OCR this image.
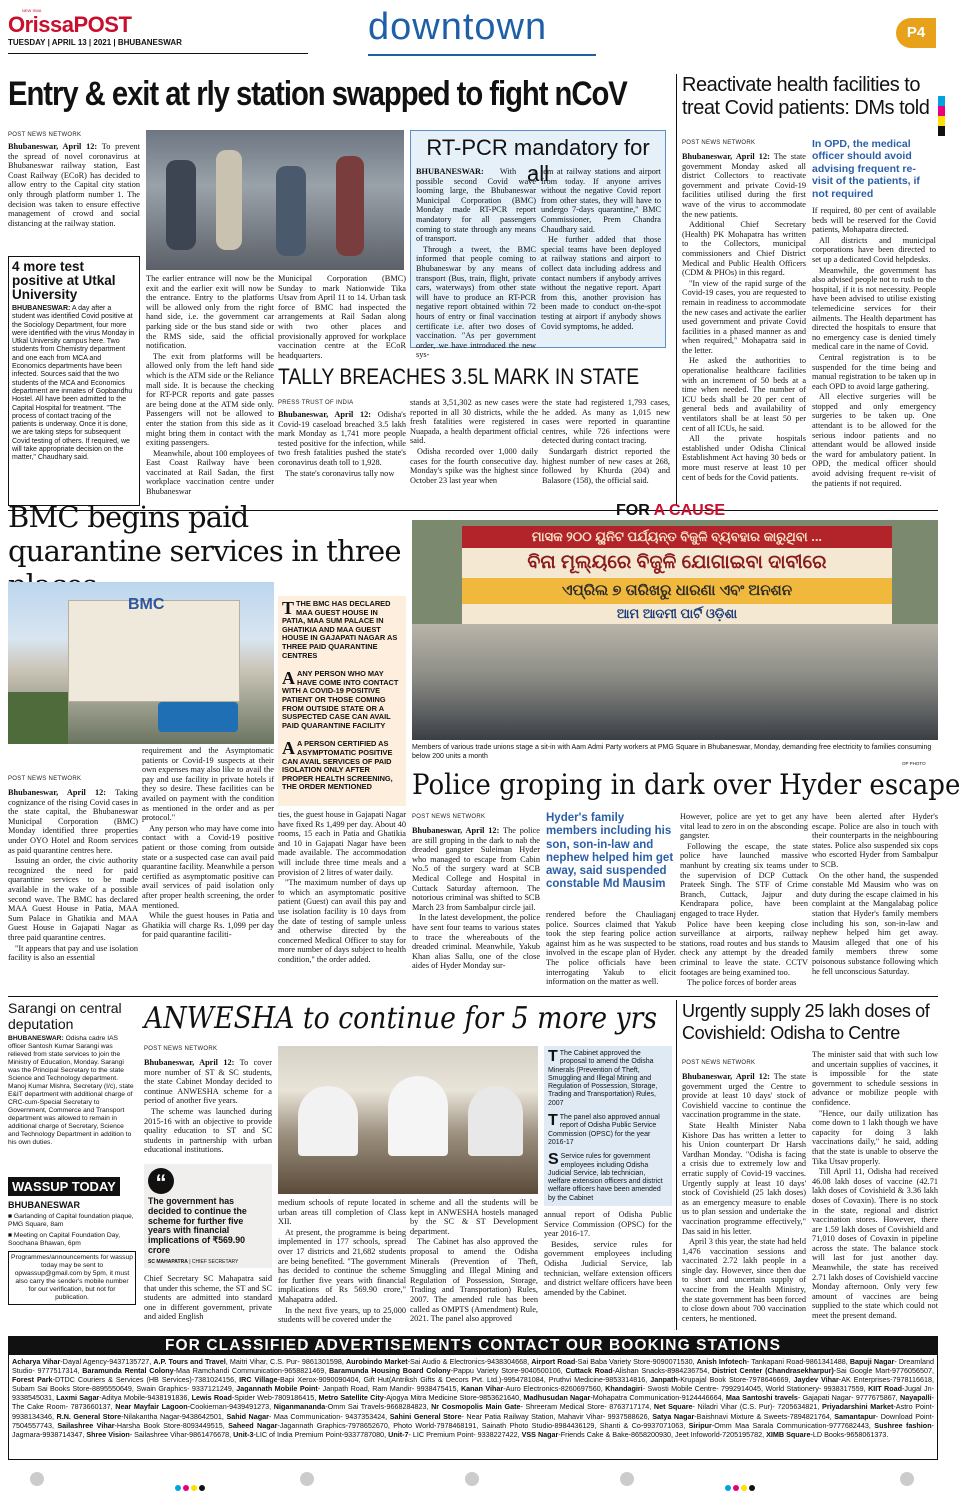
NEW SWA
OrissaPOST
TUESDAY | APRIL 13 | 2021 | BHUBANESWAR	downtown	P4
Entry & exit at rly station swapped to fight nCoV
POST NEWS NETWORK

Bhubaneswar, April 12: To prevent the spread of novel coronavirus at Bhubaneswar railway station, East Coast Railway (ECoR) has decided to allow entry to the Capital city station only through platform number 1. The decision was taken to ensure effective management of crowd and social distancing at the railway station.

4 more test positive at Utkal University
BHUBANESWAR: A day after a student was identified Covid positive at the Sociology Department, four more were identified with the virus Monday in Utkal University campus here. Two students from Chemistry department and one each from MCA and Economics departments have been infected. Sources said that the two students of the MCA and Economics department are inmates of Gopbandhu Hostel. All have been admitted to the Capital Hospital for treatment. "The process of contact tracing of the patients is underway. Once it is done, we are taking steps for subsequent Covid testing of others. If required, we will take appropriate decision on the matter," Chaudhary said.

The earlier entrance will now be the exit and the earlier exit will now be the entrance. Entry to the platforms will be allowed only from the right hand side, i.e. the government car parking side or the bus stand side or the RMS side, said the official notification.

The exit from platforms will be allowed only from the left hand side which is the ATM side or the Reliance mall side. It is because the checking for RT-PCR reports and gate passes are being done at the ATM side only. Passengers will not be allowed to enter the station from this side as it might bring them in contact with the exiting passengers.

Meanwhile, about 100 employees of East Coast Railway have been vaccinated at Rail Sadan, the first workplace vaccination centre under Bhubaneswar

Municipal Corporation (BMC) Sunday to mark Nationwide Tika Utsav from April 11 to 14. Urban task force of BMC had inspected the arrangements at Rail Sadan along with two other places and provisionally approved for workplace vaccination centre at the ECoR headquarters.

RT-PCR mandatory for all

BHUBANESWAR: With a possible second Covid wave looming large, the Bhubaneswar Municipal Corporation (BMC) Monday made RT-PCR report mandatory for all passengers coming to state through any means of transport.

Through a tweet, the BMC informed that people coming to Bhubaneswar by any means of transport (Bus, train, flight, private cars, waterways) from other state will have to produce an RT-PCR negative report obtained within 72 hours of entry or final vaccination certificate i.e. after two doses of vaccination. "As per government order, we have introduced the new sys-

tem at railway stations and airport from today. If anyone arrives without the negative Covid report from other states, they will have to undergo 7-days quarantine," BMC Commissioner, Prem Chandra Chaudhary said.

He further added that those special teams have been deployed at railway stations and airport to collect data including address and contact numbers if anybody arrives without the negative report. Apart from this, another provision has been made to conduct on-the-spot testing at airport if anybody shows Covid symptoms, he added.

TALLY BREACHES 3.5L MARK IN STATE
PRESS TRUST OF INDIA

Bhubaneswar, April 12: Odisha's Covid-19 caseload breached 3.5 lakh mark Monday as 1,741 more people tested positive for the infection, while two fresh fatalities pushed the state's coronavirus death toll to 1,928.

The state's coronavirus tally now

stands at 3,51,302 as new cases were reported in all 30 districts, while the fresh fatalities were registered in Nuapada, a health department official said.

Odisha recorded over 1,000 daily cases for the fourth consecutive day. Monday's spike was the highest since October 23 last year when

the state had registered 1,793 cases, he added. As many as 1,015 new cases were reported in quarantine centres, while 726 infections were detected during contact tracing.

Sundargarh district reported the highest number of new cases at 268, followed by Khurda (204) and Balasore (158), the official said.

Reactivate health facilities to treat Covid patients: DMs told
POST NEWS NETWORK

Bhubaneswar, April 12: The state government Monday asked all district Collectors to reactivate government and private Covid-19 facilities utilised during the first wave of the virus to accommodate the new patients.

Additional Chief Secretary (Health) PK Mohapatra has written to the Collectors, municipal commissioners and Chief District Medical and Public Health Officers (CDM & PHOs) in this regard.

"In view of the rapid surge of the Covid-19 cases, you are requested to remain in readiness to accommodate the new cases and activate the earlier used government and private Covid facilities in a phased manner as and when required," Mohapatra said in the letter.

He asked the authorities to operationalise healthcare facilities with an increment of 50 beds at a time when needed. The number of ICU beds shall be 20 per cent of general beds and availability of ventilators shall be at least 50 per cent of all ICUs, he said.

All the private hospitals established under Odisha Clinical Establishment Act having 30 beds or more must reserve at least 10 per cent of beds for the Covid patients.

In OPD, the medical officer should avoid advising frequent re-visit of the patients, if not required

If required, 80 per cent of available beds will be reserved for the Covid patients, Mohapatra directed.

All districts and municipal corporations have been directed to set up a dedicated Covid helpdesks.

Meanwhile, the government has also advised people not to rush to the hospital, if it is not necessity. People have been advised to utilise existing telemedicine services for their ailments. The Health department has directed the hospitals to ensure that no emergency case is denied timely medical care in the name of Covid.

Central registration is to be suspended for the time being and manual registration to be taken up in each OPD to avoid large gathering.

All elective surgeries will be stopped and only emergency surgeries to be taken up. One attendant is to be allowed for the serious indoor patients and no attendant would be allowed inside the ward for ambulatory patient. In OPD, the medical officer should avoid advising frequent re-visit of the patients if not required.

BMC begins paid quarantine services in three
BMC	T THE BMC HAS DECLARED MAA GUEST HOUSE IN PATIA, MAA SUM PALACE IN GHATIKIA AND MAA GUEST HOUSE IN GAJAPATI NAGAR AS THREE PAID QUARANTINE CENTRES
A ANY PERSON WHO MAY HAVE COME INTO CONTACT WITH A COVID-19 POSITIVE PATIENT OR THOSE COMING FROM OUTSIDE STATE OR A SUSPECTED CASE CAN AVAIL PAID QUARANTINE FACILITY
A A PERSON CERTIFIED AS ASYMPTOMATIC POSITIVE CAN AVAIL SERVICES OF PAID ISOLATION ONLY AFTER PROPER HEALTH SCREENING, THE ORDER MENTIONED
POST NEWS NETWORK

Bhubaneswar, April 12: Taking cognizance of the rising Covid cases in the state capital, the Bhubaneswar Municipal Corporation (BMC) Monday identified three properties under OYO Hotel and Room services as paid quarantine centres here.

Issuing an order, the civic authority recognized the need for paid quarantine services to be made available in the wake of a possible second wave. The BMC has declared MAA Guest House in Patia, MAA Sum Palace in Ghatikia and MAA Guest House in Gajapati Nagar as three paid quarantine centres.

"It appears that pay and use isolation facility is also an essential

requirement and the Asymptomatic patients or Covid-19 suspects at their own expenses may also like to avail the pay and use facility in private hotels if they so desire. These facilities can be availed on payment with the condition as mentioned in the order and as per protocol."

Any person who may have come into contact with a Covid-19 positive patient or those coming from outside state or a suspected case can avail paid quarantine facility. Meanwhile a person certified as asymptomatic positive can avail services of paid isolation only after proper health screening, the order mentioned.

While the guest houses in Patia and Ghatikia will charge Rs. 1,099 per day for paid quarantine faciliti-

ties, the guest house in Gajapati Nagar have fixed Rs 1,499 per day. About 40 rooms, 15 each in Patia and Ghatikia and 10 in Gajapati Nagar have been made available. The accommodation will include three time meals and a provision of 2 litres of water daily.

"The maximum number of days up to which an asymptomatic positive patient (Guest) can avail this pay and use isolation facility is 10 days from the date of testing of sample unless and otherwise directed by the concerned Medical Officer to stay for more number of days subject to health condition," the order added.

FOR A CAUSE
ମାସକ ୨୦୦ ୟୁନିଟ ପର୍ଯ୍ୟନ୍ତ ବିଜୁଳି ବ୍ୟବହାର କାରୁଥିବା ...
ବିନା ମୂଲ୍ୟରେ ବିଜୁଳି ଯୋଗାଇବା ଦାବୀରେ
ଏପ୍ରିଲ ୭ ତାରିଖରୁ ଧାରଣା ଏବଂ ଅନଶନ
ଆମ ଆଦମୀ ପାର୍ଟି ଓଡ଼ିଶା
Members of various trade unions stage a sit-in with Aam Admi Party workers at PMG Square in Bhubaneswar, Monday, demanding free electricity to families consuming below 200 units a month
OP PHOTO
Police groping in dark over Hyder escape
POST NEWS NETWORK

Bhubaneswar, April 12: The police are still groping in the dark to nab the dreaded gangster Suleiman Hyder who managed to escape from Cabin No.5 of the surgery ward at SCB Medical College and Hospital in Cuttack Saturday afternoon. The notorious criminal was shifted to SCB March 23 from Sambalpur circle jail.

In the latest development, the police have sent four teams to various states to trace the whereabouts of the dreaded criminal. Meanwhile, Yakub Khan alias Sallu, one of the close aides of Hyder Monday sur-

Hyder's family members including his son, son-in-law and nephew helped him get away, said suspended constable Md Mausim

rendered before the Chauliaganj police. Sources claimed that Yakub took the step fearing police action against him as he was suspected to be involved in the escape plan of Hyder. The police officials have been interrogating Yakub to elicit information on the matter as well.

However, police are yet to get any vital lead to zero in on the absconding gangster.

Following the escape, the state police have launched massive manhunt by creating six teams under the supervision of DCP Cuttack Prateek Singh. The STF of Crime Branch, Cuttack, Jajpur and Kendrapara police, have been engaged to trace Hyder.

Police have been keeping close surveillance at airports, railway stations, road routes and bus stands to check any attempt by the dreaded criminal to leave the state. CCTV footages are being examined too.

The police forces of border areas

have been alerted after Hyder's escape. Police are also in touch with their counterparts in the neighbouring states. Police also suspended six cops who escorted Hyder from Sambalpur to SCB.

On the other hand, the suspended constable Md Mausim who was on duty during the escape claimed in his complaint at the Mangalabag police station that Hyder's family members including his son, son-in-law and nephew helped him get away. Mausim alleged that one of his family members threw some poisonous substance following which he fell unconscious Saturday.

Sarangi on central deputation
BHUBANESWAR: Odisha cadre IAS officer Santosh Kumar Sarangi was relieved from state services to join the Ministry of Education, Monday. Sarangi was the Principal Secretary to the state Science and Technology department. Manoj Kumar Mishra, Secretary (I/c), state E&IT department with additional charge of CRC-cum-Special Secretary to Government, Commerce and Transport department was allowed to remain in additional charge of Secretary, Science and Technology Department in addition to his own duties.
WASSUP TODAY
BHUBANESWAR
■ Garlanding of Capital foundation plaque, PMG Square, 8am
■ Meeting on Capital Foundation Day, Soochana Bhawan, 6pm
Programmes/announcements for wassup today may be sent to opwassup@gmail.com by 5pm, it must also carry the sender's mobile number for our verification, but not for publication.
ANWESHA to continue for 5 more yrs
POST NEWS NETWORK

Bhubaneswar, April 12: To cover more number of ST & SC students, the state Cabinet Monday decided to continue ANWESHA scheme for a period of another five years.

The scheme was launched during 2015-16 with an objective to provide quality education to ST and SC students in partnership with urban educational institutions.

“
The government has decided to continue the scheme for further five years with financial implications of ₹569.90 crore
SC MAHAPATRA | CHIEF SECRETARY

Chief Secretary SC Mahapatra said that under this scheme, the ST and SC students are admitted into standard one in different government, private and aided English

medium schools of repute located in urban areas till completion of Class XII.

At present, the programme is being implemented in 177 schools, spread over 17 districts and 21,682 students are being benefited. "The government has decided to continue the scheme for further five years with financial implications of Rs 569.90 crore," Mahapatra added.

In the next five years, up to 25,000 students will be covered under the

scheme and all the students will be kept in ANWESHA hostels managed by the SC & ST Development department.

The Cabinet has also approved the proposal to amend the Odisha Minerals (Prevention of Theft, Smuggling and Illegal Mining and Regulation of Possession, Storage, Trading and Transportation) Rules, 2007. The amended rule has been called as OMPTS (Amendment) Rule, 2021. The panel also approved

T The Cabinet approved the proposal to amend the Odisha Minerals (Prevention of Theft, Smuggling and Illegal Mining and Regulation of Possession, Storage, Trading and Transportation) Rules, 2007
T The panel also approved annual report of Odisha Public Service Commission (OPSC) for the year 2016-17
S Service rules for government employees including Odisha Judicial Service, lab technician, welfare extension officers and district welfare officers have been amended by the Cabinet

annual report of Odisha Public Service Commission (OPSC) for the year 2016-17.

Besides, service rules for government employees including Odisha Judicial Service, lab technician, welfare extension officers and district welfare officers have been amended by the Cabinet.

Urgently supply 25 lakh doses of Covishield: Odisha to Centre
POST NEWS NETWORK

Bhubaneswar, April 12: The state government urged the Centre to provide at least 10 days' stock of Covishield vaccine to continue the vaccination programme in the state.

State Health Minister Naba Kishore Das has written a letter to his Union counterpart Dr Harsh Vardhan Monday. "Odisha is facing a crisis due to extremely low and erratic supply of Covid-19 vaccines. Urgently supply at least 10 days' stock of Covishield (25 lakh doses) as an emergency measure to enable us to plan session and undertake the vaccination programme effectively," Das said in his letter.

April 3 this year, the state had held 1,476 vaccination sessions and vaccinated 2.72 lakh people in a single day. However, since then due to short and uncertain supply of vaccine from the Health Ministry, the state government has been forced to close down about 700 vaccination centers, he mentioned.

The minister said that with such low and uncertain supplies of vaccines, it is impossible for the state government to schedule sessions in advance or mobilize people with confidence.

"Hence, our daily utilization has come down to 1 lakh though we have capacity for doing 3 lakh vaccinations daily," he said, adding that the state is unable to observe the Tika Utsav properly.

Till April 11, Odisha had received 46.08 lakh doses of vaccine (42.71 lakh doses of Covishield & 3.36 lakh doses of Covaxin). There is no stock in the state, regional and district vaccination stores. However, there are 1.59 lakh doses of Covishield and 71,010 doses of Covaxin in pipeline across the state. The balance stock will last for just another day. Meanwhile, the state has received 2.71 lakh doses of Covishield vaccine Monday afternoon. Only very few amount of vaccines are being supplied to the state which could not meet the present demand.

FOR CLASSIFIED ADVERTISEMENTS CONTACT OUR BOOKING STATIONS
Acharya Vihar-Dayal Agency-9437135727, A.P. Tours and Travel, Maitri Vihar, C.S. Pur- 9861301598, Aurobindo Market-Sai Audio & Electronics-9438304668, Airport Road-Sai Baba Variety Store-9090071530, Anish Infotech- Tankapani Road-9861341488, Bapuji Nagar- Dreamland Studio- 9777517314, Baramunda Rental Colony-Maa Ramchandi Communication-9658821469, Baramunda Housing Board Colony-Pappu Variety Store-9040500106, Cuttack Road-Alishan Snacks-8984236754, District Center (Chandrasekharpur)-Sai Google Mart-9776056507, Forest Park-DTDC Couriers & Services (HB Services)-7381024156, IRC Village-Bapi Xerox-9090090404, Gift Hut(Antriksh Gifts & Decors Pvt. Ltd.)-9954781084, Pruthvi Medicine-9853314816, Janpath-Krupajal Book Store-7978646669, Jaydev Vihar-AK Enterprises-7978116618, Subam Sai Books Store-8895550649, Swain Graphics- 9337121249, Jagannath Mobile Point- Janpath Road, Ram Mandir- 9938475415, Kanan Vihar-Auro Electronics-8260697560, Khandagiri- Swosti Mobile Centre- 7992914045, World Stationery- 9938317559, KIIT Road-Jugal Jn-9338545031, Laxmi Sagar-Aditya Mobile-9438191836, Lewis Road-Spider Web-7809186415, Metro Satellite City-Ajogya Mitra Medicine Store-9853621640, Madhusudan Nagar-Mohapatra Communication-9124446664, Maa Santoshi travels- Gajapati Nagar- 9777675867, Nayapalli- The Cake Room- 7873660137, Near Mayfair Lagoon-Cookiernan-9439491273, Niganmananda-Omm Sai Travels-9668284823, Nr Cosmopolis Main Gate- Shreeram Medical Store- 8763717174, Net Square- Niladri Vihar (C.S. Pur)- 7205634821, Priyadarshini Market-Astro Point-9938134346, R.N. General Store-Nilakantha Nagar-9438642501, Sahid Nagar- Maa Communication- 9437353424, Sahini General Store- Near Patia Railway Station, Mahavir Vihar- 9937588626, Satya Nagar-Baishnavi Mixture & Sweets-7894821764, Samantapur- Download Point-7504557743, Sailashree Vihar-Harsha Book Store-8093449515, Saheed Nagar-Jagannath Graphics-7978652670, Photo World-7978468191, Sainath Photo Studio-8984436129, Shanti & Co-9937071063, Siripur-Omm Maa Sarala Communication-9777682443, Sushree fashion- Jagmara-9938714347, Shree Vision- Sailashree Vihar-9861476678, Unit-3-LIC of India Premium Point-9337787080, Unit-7- LIC Premium Point- 9338227422, VSS Nagar-Friends Cake & Bake-8658200930, Jeet Infoworld-7205195782, XIMB Square-LD Books-9658061373.
